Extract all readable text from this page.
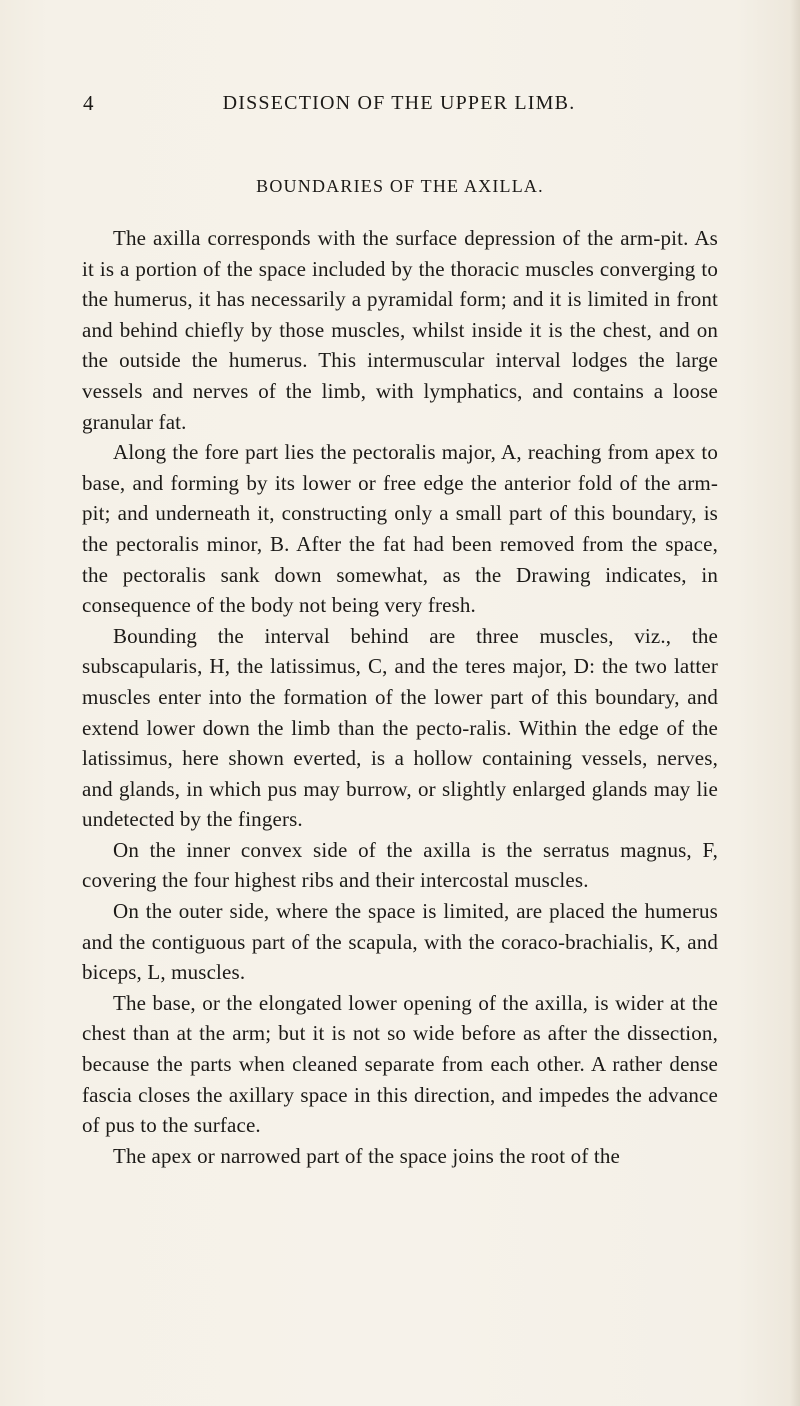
4	DISSECTION OF THE UPPER LIMB.
BOUNDARIES OF THE AXILLA.

The axilla corresponds with the surface depression of the arm-pit. As it is a portion of the space included by the thoracic muscles converging to the humerus, it has necessarily a pyramidal form; and it is limited in front and behind chiefly by those muscles, whilst inside it is the chest, and on the outside the humerus. This intermuscular interval lodges the large vessels and nerves of the limb, with lymphatics, and contains a loose granular fat.

Along the fore part lies the pectoralis major, A, reaching from apex to base, and forming by its lower or free edge the anterior fold of the arm-pit; and underneath it, constructing only a small part of this boundary, is the pectoralis minor, B. After the fat had been removed from the space, the pectoralis sank down somewhat, as the Drawing indicates, in consequence of the body not being very fresh.

Bounding the interval behind are three muscles, viz., the subscapularis, H, the latissimus, C, and the teres major, D: the two latter muscles enter into the formation of the lower part of this boundary, and extend lower down the limb than the pecto-ralis. Within the edge of the latissimus, here shown everted, is a hollow containing vessels, nerves, and glands, in which pus may burrow, or slightly enlarged glands may lie undetected by the fingers.

On the inner convex side of the axilla is the serratus magnus, F, covering the four highest ribs and their intercostal muscles.

On the outer side, where the space is limited, are placed the humerus and the contiguous part of the scapula, with the coraco-brachialis, K, and biceps, L, muscles.

The base, or the elongated lower opening of the axilla, is wider at the chest than at the arm; but it is not so wide before as after the dissection, because the parts when cleaned separate from each other. A rather dense fascia closes the axillary space in this direction, and impedes the advance of pus to the surface.

The apex or narrowed part of the space joins the root of the
